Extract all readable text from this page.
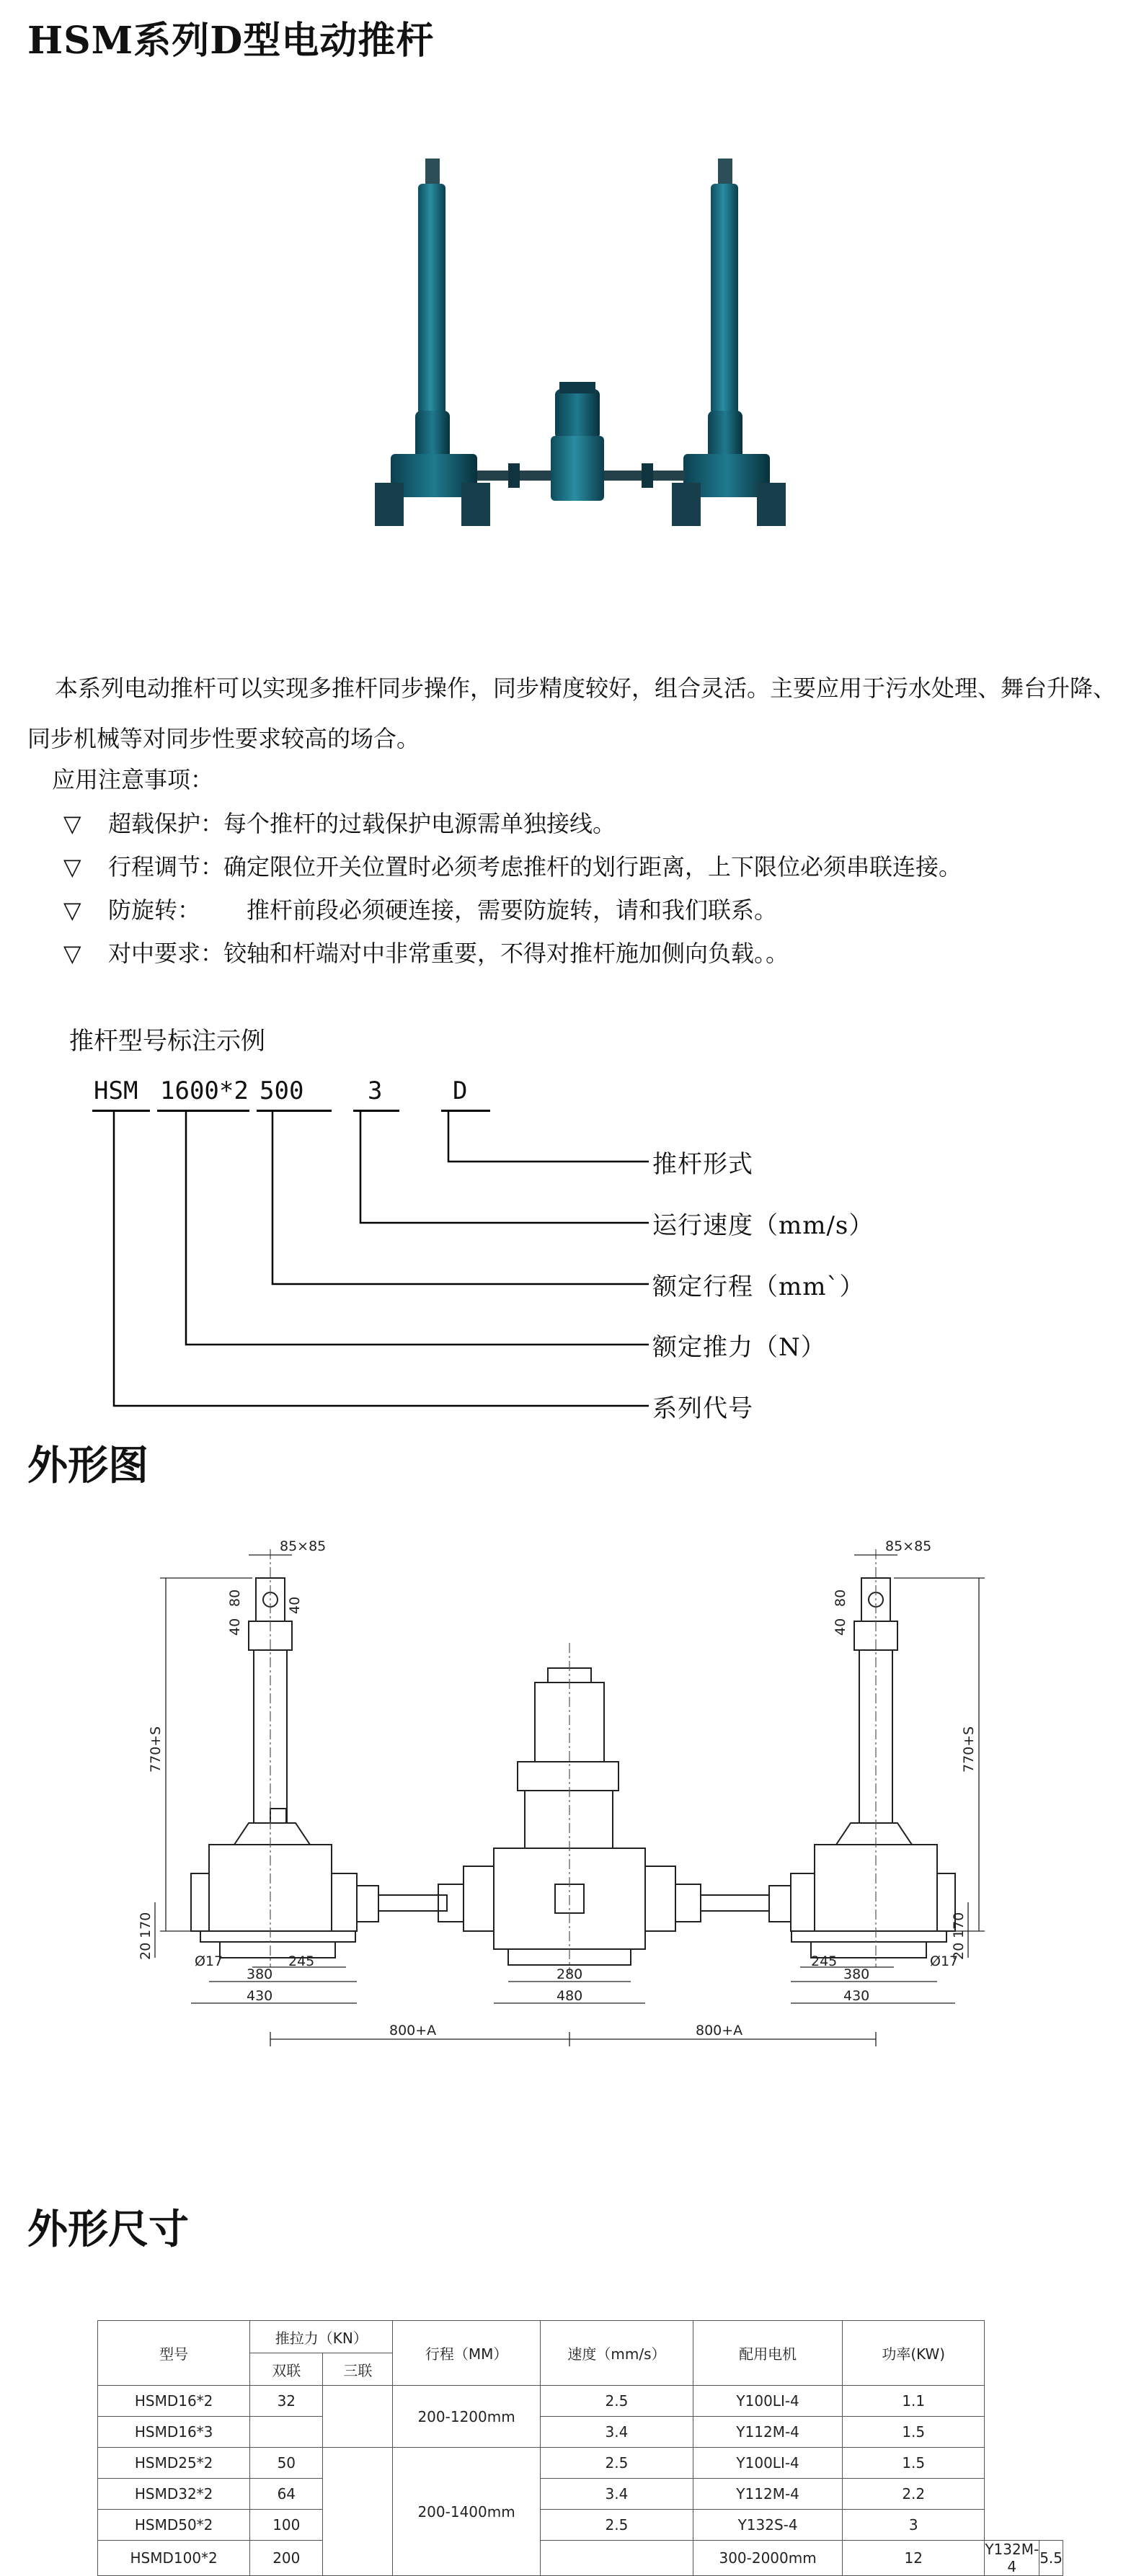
HSM系列D型电动推杆

本系列电动推杆可以实现多推杆同步操作，同步精度较好，组合灵活。主要应用于污水处理、舞台升降、同步机械等对同步性要求较高的场合。

应用注意事项：
▽ 超载保护：每个推杆的过载保护电源需单独接线。
▽ 行程调节：确定限位开关位置时必须考虑推杆的划行距离，上下限位必须串联连接。
▽ 防旋转： 推杆前段必须硬连接，需要防旋转，请和我们联系。
▽ 对中要求：铰轴和杆端对中非常重要，不得对推杆施加侧向负载。。
推杆型号标注示例
HSM 1600*2 500	3	D
推杆形式
运行速度（mm/s）
额定行程（mm`）
额定推力（N）
系列代号
外形图
85×85	85×85
80
40
40	80
40
770+S	770+S
170
20
170
20
Ø17	Ø17
245	245
380	380
430	430
280
480
800+A	800+A
外形尺寸
型号	推拉力（KN）		行程（MM）	速度（mm/s）	配用电机	功率(KW)		
	双联	三联						
HSMD16*2	32		200-1200mm	2.5	Y100LI-4	1.1		
HSMD16*3				3.4	Y112M-4	1.5		
HSMD25*2	50		200-1400mm	2.5	Y100LI-4	1.5		
HSMD32*2	64			3.4	Y112M-4	2.2		
HSMD50*2	100			2.5	Y132S-4	3		
HSMD100*2	200				300-2000mm	12	Y132M-4	5.5
